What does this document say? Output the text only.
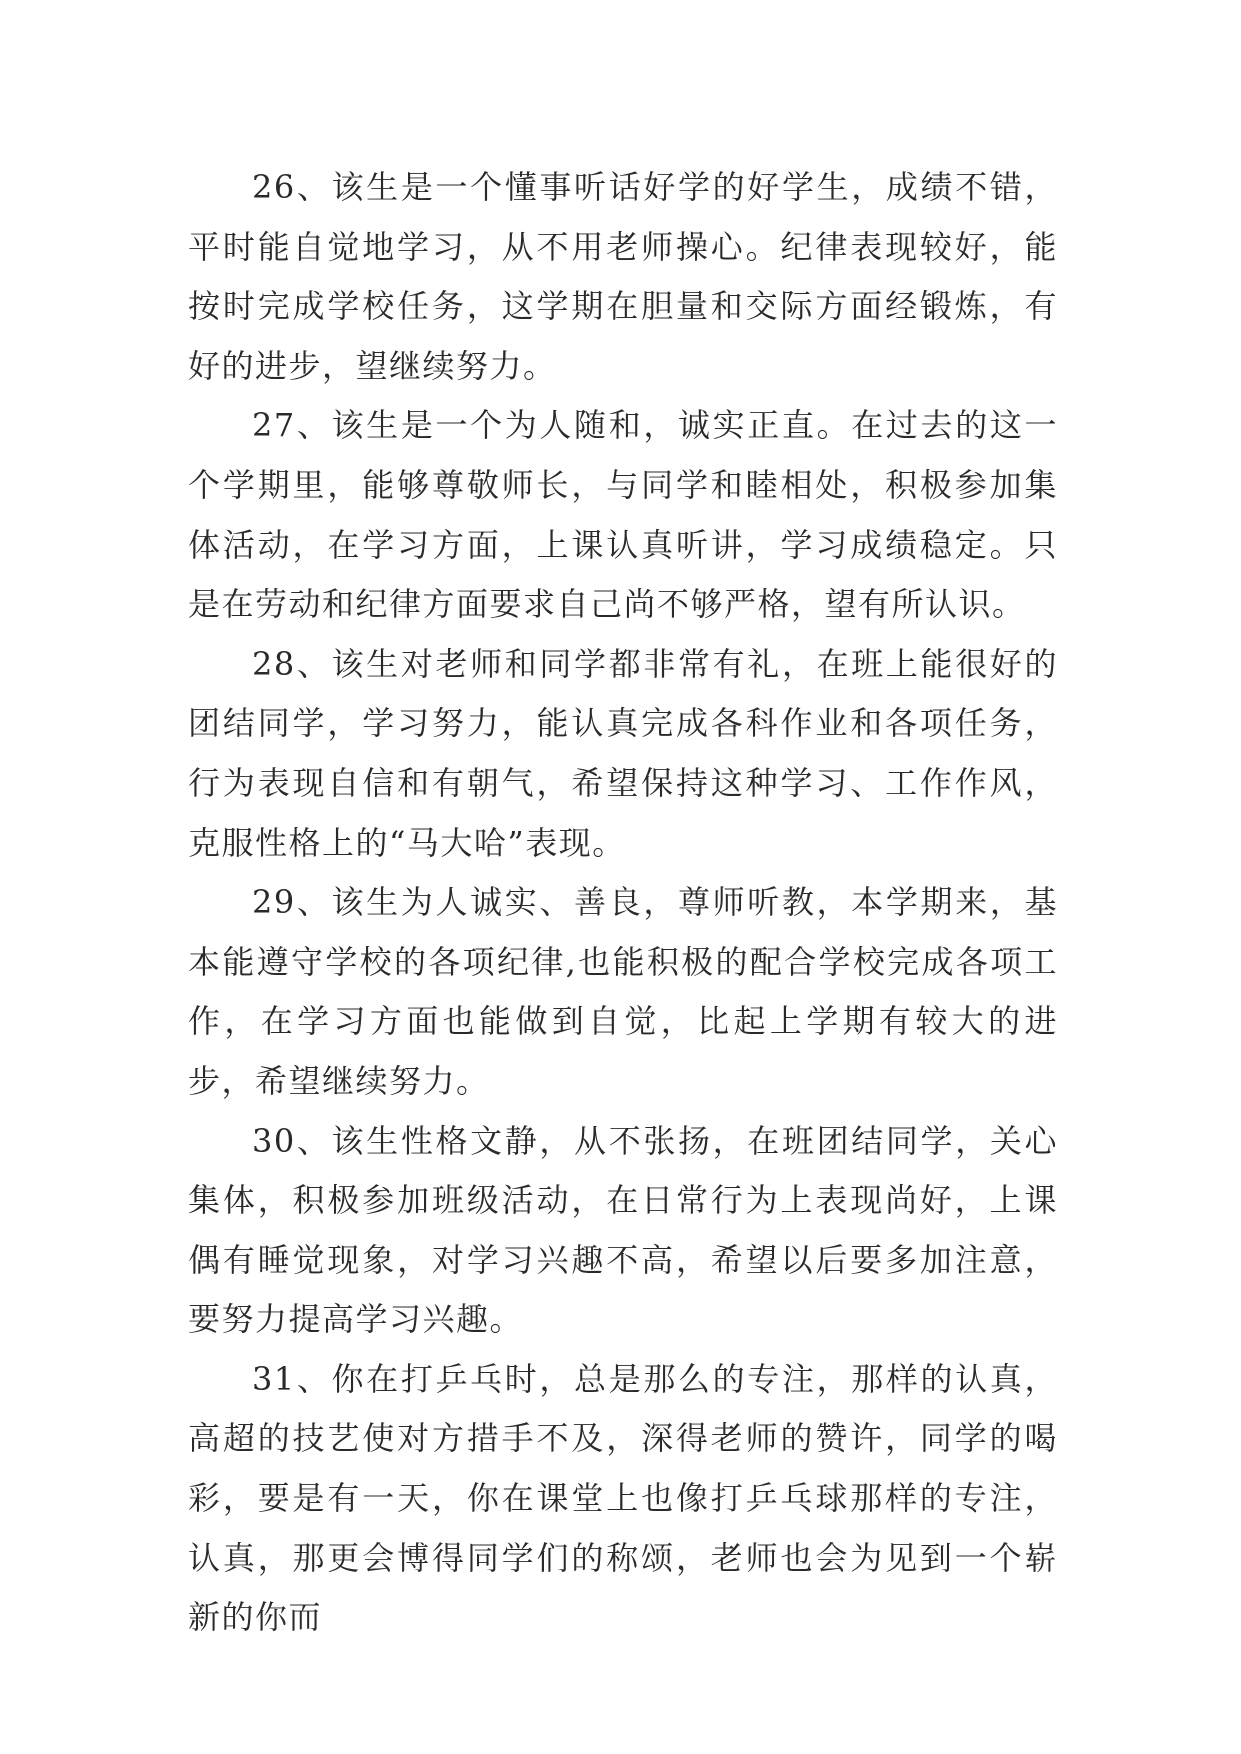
26、该生是一个懂事听话好学的好学生，成绩不错，平时能自觉地学习，从不用老师操心。纪律表现较好，能按时完成学校任务，这学期在胆量和交际方面经锻炼，有好的进步，望继续努力。

27、该生是一个为人随和，诚实正直。在过去的这一个学期里，能够尊敬师长，与同学和睦相处，积极参加集体活动，在学习方面，上课认真听讲，学习成绩稳定。只是在劳动和纪律方面要求自己尚不够严格，望有所认识。

28、该生对老师和同学都非常有礼，在班上能很好的团结同学，学习努力，能认真完成各科作业和各项任务，行为表现自信和有朝气，希望保持这种学习、工作作风，克服性格上的“马大哈”表现。

29、该生为人诚实、善良，尊师听教，本学期来，基本能遵守学校的各项纪律,也能积极的配合学校完成各项工作，在学习方面也能做到自觉，比起上学期有较大的进步，希望继续努力。

30、该生性格文静，从不张扬，在班团结同学，关心集体，积极参加班级活动，在日常行为上表现尚好，上课偶有睡觉现象，对学习兴趣不高，希望以后要多加注意，要努力提高学习兴趣。

31、你在打乒乓时，总是那么的专注，那样的认真，高超的技艺使对方措手不及，深得老师的赞许，同学的喝彩，要是有一天，你在课堂上也像打乒乓球那样的专注，认真，那更会博得同学们的称颂，老师也会为见到一个崭新的你而
